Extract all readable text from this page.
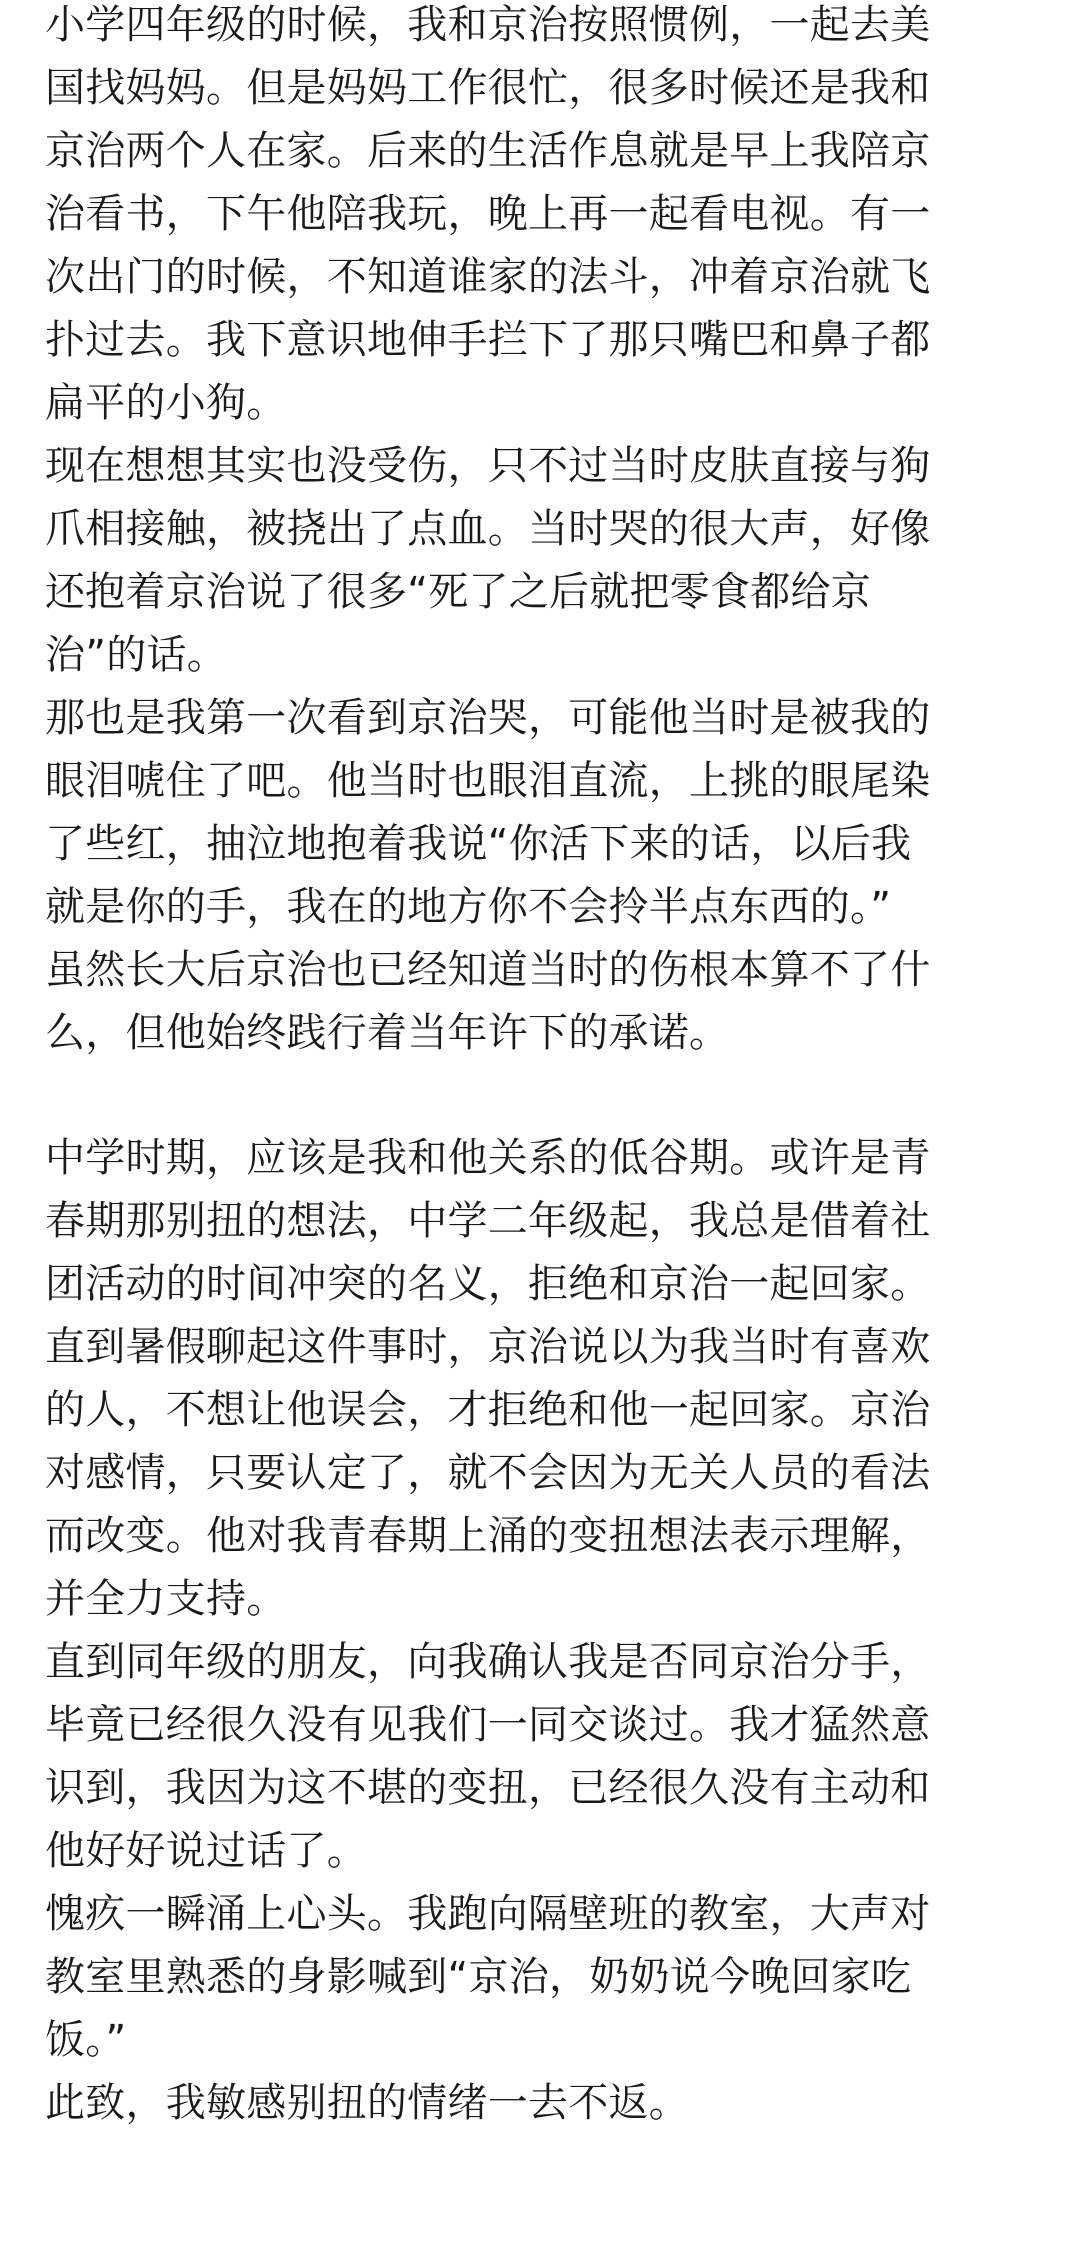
小学四年级的时候，我和京治按照惯例，一起去美
国找妈妈。但是妈妈工作很忙，很多时候还是我和
京治两个人在家。后来的生活作息就是早上我陪京
治看书，下午他陪我玩，晚上再一起看电视。有一
次出门的时候，不知道谁家的法斗，冲着京治就飞
扑过去。我下意识地伸手拦下了那只嘴巴和鼻子都
扁平的小狗。

现在想想其实也没受伤，只不过当时皮肤直接与狗
爪相接触，被挠出了点血。当时哭的很大声，好像
还抱着京治说了很多“死了之后就把零食都给京
治”的话。

那也是我第一次看到京治哭，可能他当时是被我的
眼泪唬住了吧。他当时也眼泪直流，上挑的眼尾染
了些红，抽泣地抱着我说“你活下来的话，以后我
就是你的手，我在的地方你不会拎半点东西的。”
虽然长大后京治也已经知道当时的伤根本算不了什
么，但他始终践行着当年许下的承诺。

中学时期，应该是我和他关系的低谷期。或许是青
春期那别扭的想法，中学二年级起，我总是借着社
团活动的时间冲突的名义，拒绝和京治一起回家。
直到暑假聊起这件事时，京治说以为我当时有喜欢
的人，不想让他误会，才拒绝和他一起回家。京治
对感情，只要认定了，就不会因为无关人员的看法
而改变。他对我青春期上涌的变扭想法表示理解，
并全力支持。

直到同年级的朋友，向我确认我是否同京治分手，
毕竟已经很久没有见我们一同交谈过。我才猛然意
识到，我因为这不堪的变扭，已经很久没有主动和
他好好说过话了。

愧疚一瞬涌上心头。我跑向隔壁班的教室，大声对
教室里熟悉的身影喊到“京治，奶奶说今晚回家吃
饭。”

此致，我敏感别扭的情绪一去不返。
